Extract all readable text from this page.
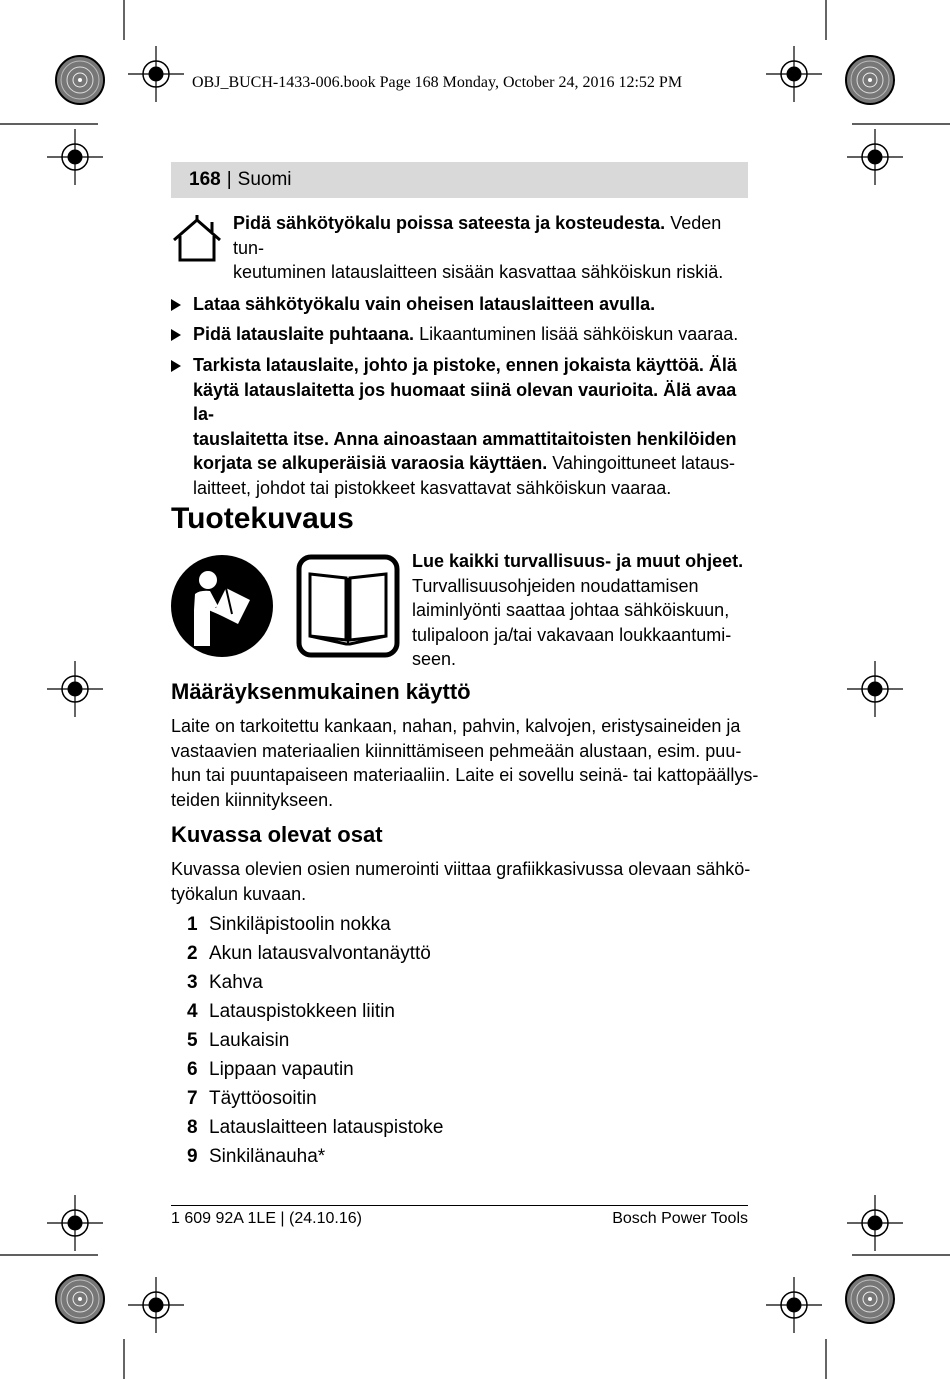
OBJ_BUCH-1433-006.book Page 168 Monday, October 24, 2016 12:52 PM
168 | Suomi
Pidä sähkötyökalu poissa sateesta ja kosteudesta. Veden tun-
keutuminen latauslaitteen sisään kasvattaa sähköiskun riskiä.
Lataa sähkötyökalu vain oheisen latauslaitteen avulla.
Pidä latauslaite puhtaana. Likaantuminen lisää sähköiskun vaaraa.
Tarkista latauslaite, johto ja pistoke, ennen jokaista käyttöä. Älä
käytä latauslaitetta jos huomaat siinä olevan vaurioita. Älä avaa la-
tauslaitetta itse. Anna ainoastaan ammattitaitoisten henkilöiden
korjata se alkuperäisiä varaosia käyttäen. Vahingoittuneet lataus-
laitteet, johdot tai pistokkeet kasvattavat sähköiskun vaaraa.
Tuotekuvaus
Lue kaikki turvallisuus- ja muut ohjeet.
Turvallisuusohjeiden noudattamisen
laiminlyönti saattaa johtaa sähköiskuun,
tulipaloon ja/tai vakavaan loukkaantumi-
seen.
Määräyksenmukainen käyttö
Laite on tarkoitettu kankaan, nahan, pahvin, kalvojen, eristysaineiden ja
vastaavien materiaalien kiinnittämiseen pehmeään alustaan, esim. puu-
hun tai puuntapaiseen materiaaliin. Laite ei sovellu seinä- tai kattopäällys-
teiden kiinnitykseen.
Kuvassa olevat osat
Kuvassa olevien osien numerointi viittaa grafiikkasivussa olevaan sähkö-
työkalun kuvaan.
1 Sinkiläpistoolin nokka
2 Akun latausvalvontanäyttö
3 Kahva
4 Latauspistokkeen liitin
5 Laukaisin
6 Lippaan vapautin
7 Täyttöosoitin
8 Latauslaitteen latauspistoke
9 Sinkilänauha*
1 609 92A 1LE | (24.10.16)	Bosch Power Tools
